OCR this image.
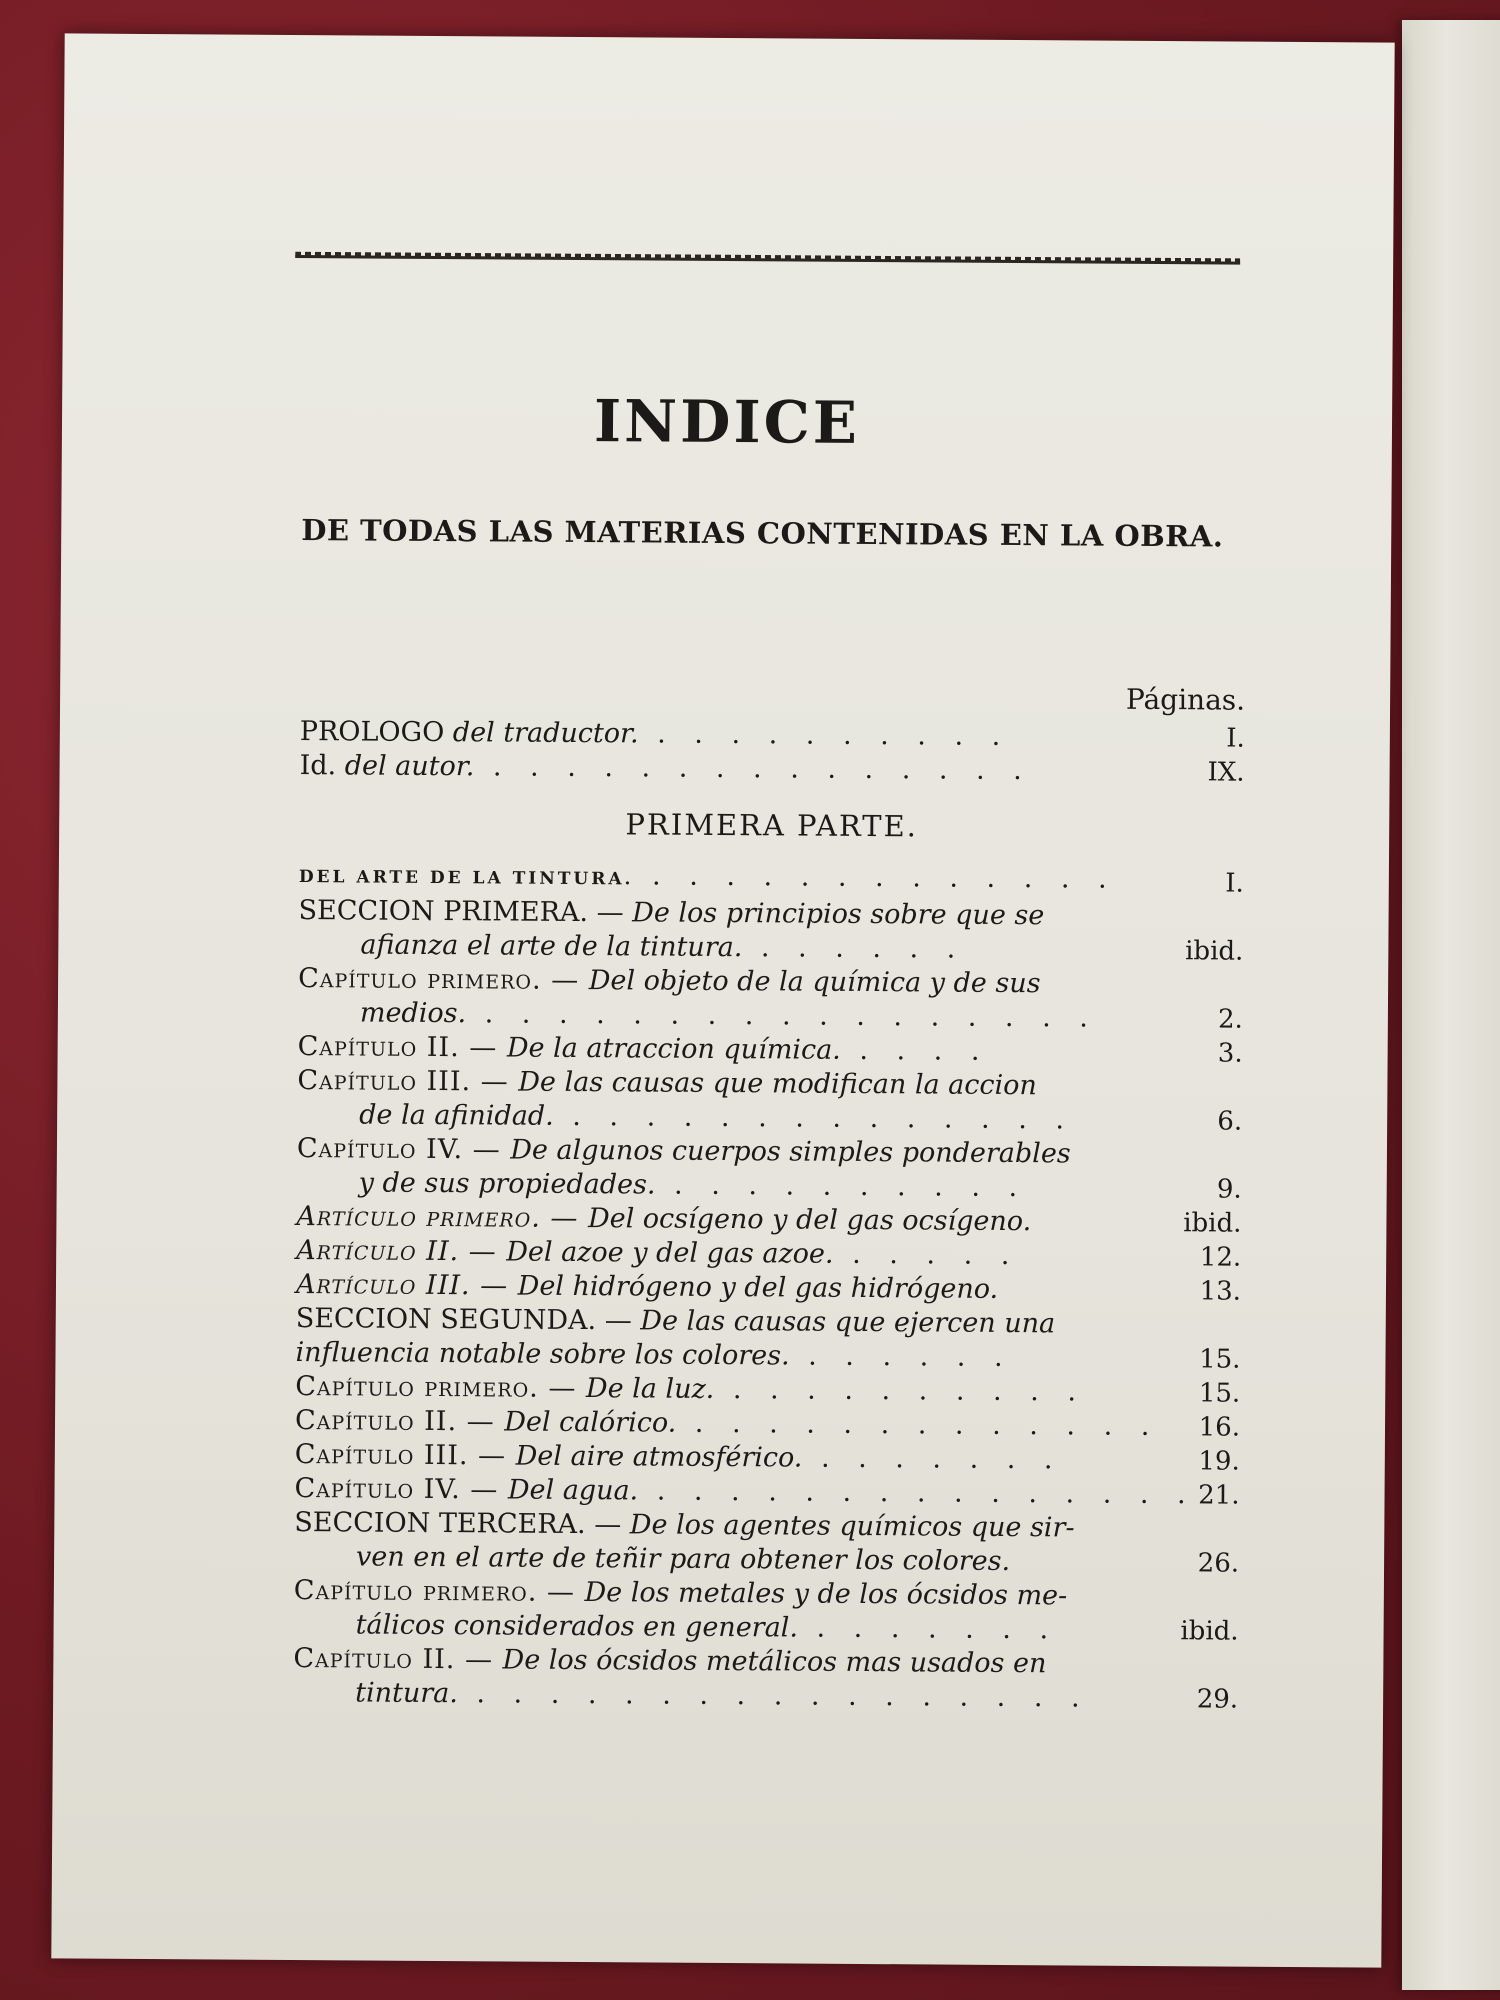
INDICE
DE TODAS LAS MATERIAS CONTENIDAS EN LA OBRA.
Páginas.
PROLOGO del traductor. . . . . . . . . . .	I.
Id. del autor. . . . . . . . . . . . . . . .	IX.
PRIMERA PARTE.
DEL ARTE DE LA TINTURA. . . . . . . . . . . . . .	I.
SECCION PRIMERA. — De los principios sobre que se
afianza el arte de la tintura. . . . . . .	ibid.
Capítulo primero. — Del objeto de la química y de sus
medios. . . . . . . . . . . . . . . . . .	2.
Capítulo II. — De la atraccion química. . . . .	3.
Capítulo III. — De las causas que modifican la accion
de la afinidad. . . . . . . . . . . . . . .	6.
Capítulo IV. — De algunos cuerpos simples ponderables
y de sus propiedades. . . . . . . . . . .	9.
Artículo primero. — Del ocsígeno y del gas ocsígeno.	ibid.
Artículo II. — Del azoe y del gas azoe. . . . . .	12.
Artículo III. — Del hidrógeno y del gas hidrógeno.	13.
SECCION SEGUNDA. — De las causas que ejercen una
influencia notable sobre los colores. . . . . . .	15.
Capítulo primero. — De la luz. . . . . . . . . . .	15.
Capítulo II. — Del calórico. . . . . . . . . . . . . .	16.
Capítulo III. — Del aire atmosférico. . . . . . . .	19.
Capítulo IV. — Del agua. . . . . . . . . . . . . . . . 21.
SECCION TERCERA. — De los agentes químicos que sir-
ven en el arte de teñir para obtener los colores.	26.
Capítulo primero. — De los metales y de los ócsidos me-
tálicos considerados en general. . . . . . . .	ibid.
Capítulo II. — De los ócsidos metálicos mas usados en
tintura. . . . . . . . . . . . . . . . . .	29.
